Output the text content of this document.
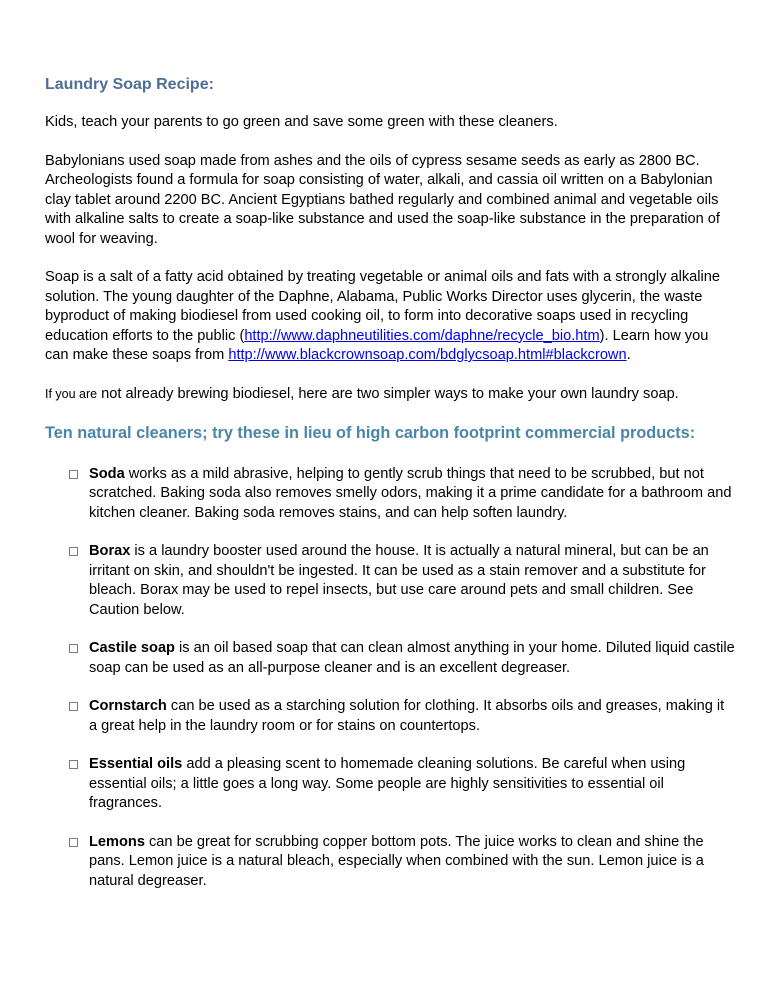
Laundry Soap Recipe:

Kids, teach your parents to go green and save some green with these cleaners.

Babylonians used soap made from ashes and the oils of cypress sesame seeds as early as 2800 BC. Archeologists found a formula for soap consisting of water, alkali, and cassia oil written on a Babylonian clay tablet around 2200 BC. Ancient Egyptians bathed regularly and combined animal and vegetable oils with alkaline salts to create a soap-like substance and used the soap-like substance in the preparation of wool for weaving.

Soap is a salt of a fatty acid obtained by treating vegetable or animal oils and fats with a strongly alkaline solution. The young daughter of the Daphne, Alabama, Public Works Director uses glycerin, the waste byproduct of making biodiesel from used cooking oil, to form into decorative soaps used in recycling education efforts to the public (http://www.daphneutilities.com/daphne/recycle_bio.htm). Learn how you can make these soaps from http://www.blackcrownsoap.com/bdglycsoap.html#blackcrown.

If you are not already brewing biodiesel, here are two simpler ways to make your own laundry soap.

Ten natural cleaners; try these in lieu of high carbon footprint commercial products:
Soda works as a mild abrasive, helping to gently scrub things that need to be scrubbed, but not scratched. Baking soda also removes smelly odors, making it a prime candidate for a bathroom and kitchen cleaner. Baking soda removes stains, and can help soften laundry.
Borax is a laundry booster used around the house. It is actually a natural mineral, but can be an irritant on skin, and shouldn't be ingested. It can be used as a stain remover and a substitute for bleach. Borax may be used to repel insects, but use care around pets and small children. See Caution below.
Castile soap is an oil based soap that can clean almost anything in your home. Diluted liquid castile soap can be used as an all-purpose cleaner and is an excellent degreaser.
Cornstarch can be used as a starching solution for clothing. It absorbs oils and greases, making it a great help in the laundry room or for stains on countertops.
Essential oils add a pleasing scent to homemade cleaning solutions. Be careful when using essential oils; a little goes a long way. Some people are highly sensitivities to essential oil fragrances.
Lemons can be great for scrubbing copper bottom pots. The juice works to clean and shine the pans. Lemon juice is a natural bleach, especially when combined with the sun. Lemon juice is a natural degreaser.
